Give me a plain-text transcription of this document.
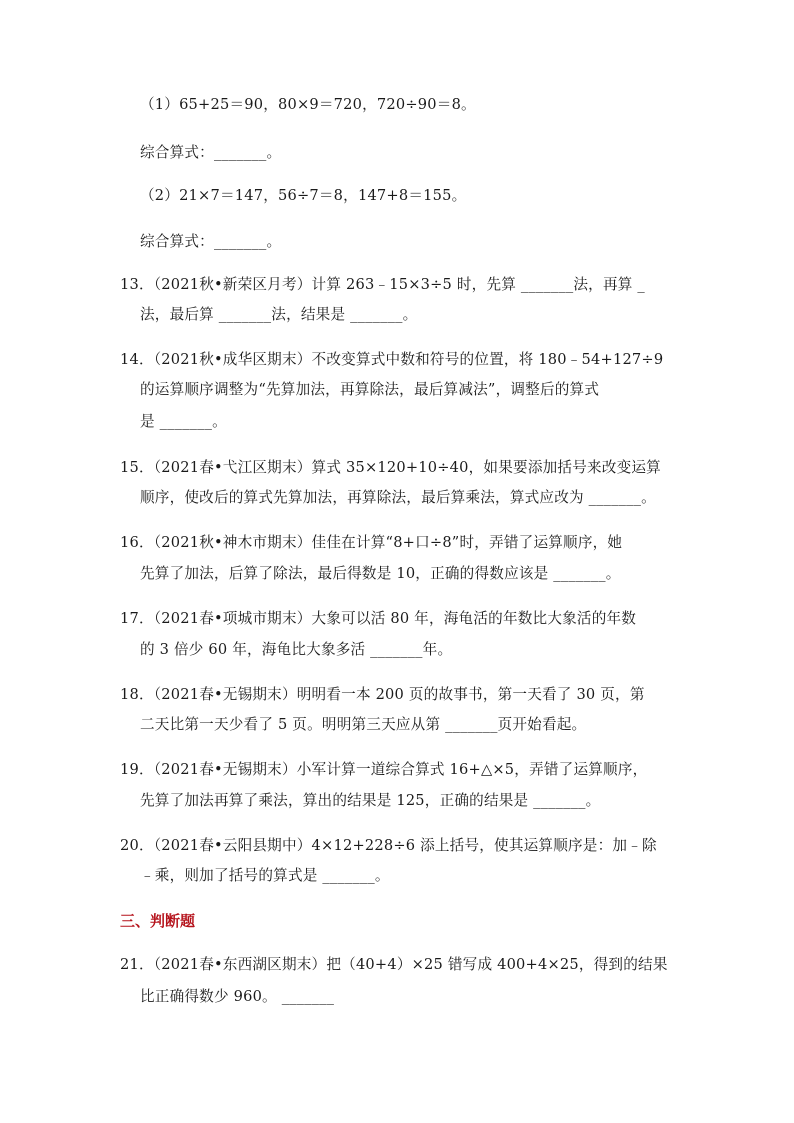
（1）65+25＝90，80×9＝720，720÷90＝8。
综合算式：_______。
（2）21×7＝147，56÷7＝8，147+8＝155。
综合算式：_______。
13．（2021秋•新荣区月考）计算 263﹣15×3÷5 时，先算 _______法，再算 _
法，最后算 _______法，结果是 _______。
14．（2021秋•成华区期末）不改变算式中数和符号的位置，将 180﹣54+127÷9
的运算顺序调整为“先算加法，再算除法，最后算减法”，调整后的算式
是 _______。
15．（2021春•弋江区期末）算式 35×120+10÷40，如果要添加括号来改变运算
顺序，使改后的算式先算加法，再算除法，最后算乘法，算式应改为 _______。
16．（2021秋•神木市期末）佳佳在计算“8+口÷8”时，弄错了运算顺序，她
先算了加法，后算了除法，最后得数是 10，正确的得数应该是 _______。
17．（2021春•项城市期末）大象可以活 80 年，海龟活的年数比大象活的年数
的 3 倍少 60 年，海龟比大象多活 _______年。
18．（2021春•无锡期末）明明看一本 200 页的故事书，第一天看了 30 页，第
二天比第一天少看了 5 页。明明第三天应从第 _______页开始看起。
19．（2021春•无锡期末）小军计算一道综合算式 16+△×5，弄错了运算顺序，
先算了加法再算了乘法，算出的结果是 125，正确的结果是 _______。
20．（2021春•云阳县期中）4×12+228÷6 添上括号，使其运算顺序是：加﹣除
﹣乘，则加了括号的算式是 _______。
三、判断题
21．（2021春•东西湖区期末）把（40+4）×25 错写成 400+4×25，得到的结果
比正确得数少 960。 _______
